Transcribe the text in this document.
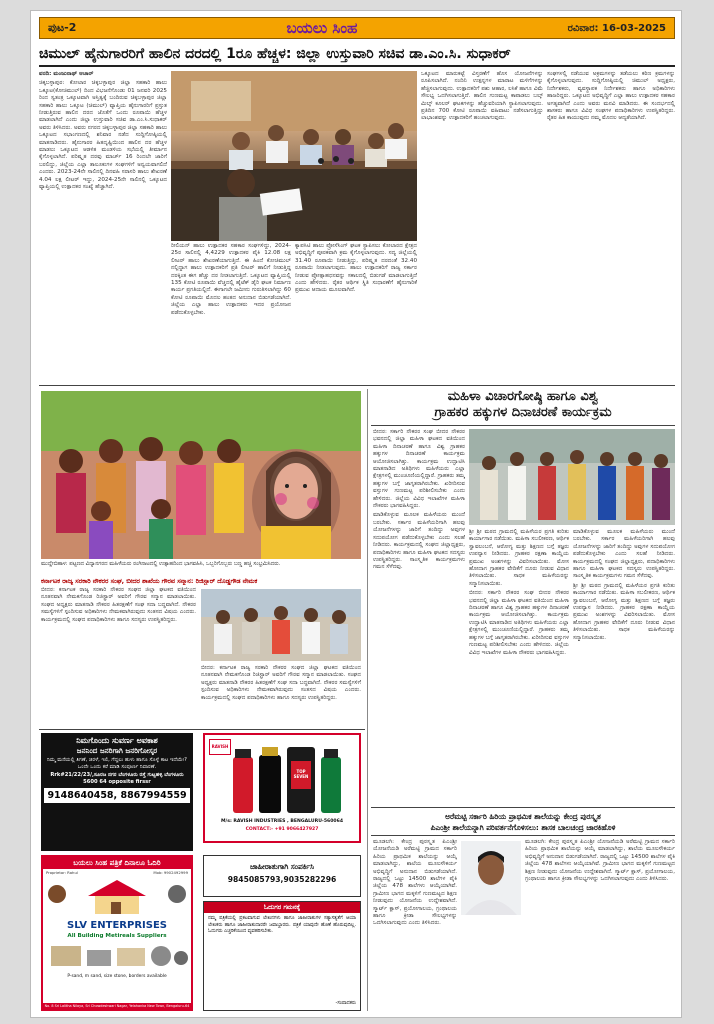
ಪುಟ-2	ಬಯಲು ಸಿಂಹ	ರವಿವಾರ: 16-03-2025
ಚಿಮುಲ್ ಹೈನುಗಾರರಿಗೆ ಹಾಲಿನ ದರದಲ್ಲಿ 1ರೂ ಹೆಚ್ಚಳ: ಜಿಲ್ಲಾ ಉಸ್ತುವಾರಿ ಸಚಿವ ಡಾ.ಎಂ.ಸಿ. ಸುಧಾಕರ್

ವರದಿ: ಮಂಜುನಾಥ್ ಆಚಾರ್

ಚಿಕ್ಕಬಳ್ಳಾಪುರ: ಕೋಲಾರ ಚಿಕ್ಕಬಳ್ಳಾಪುರ ಜಿಲ್ಲಾ ಸಹಕಾರಿ ಹಾಲು ಒಕ್ಕೂಟ(ಕೋಚಿಮುಲ್) ದಿಂದ ವಿಭಜನೆಗೊಂಡು 01 ಜನವರಿ 2025 ರಿಂದ ಸ್ವತಂತ್ರ ಒಕ್ಕೂಟವಾಗಿ ಅಸ್ತಿತ್ವಕ್ಕೆ ಬಂದಿರುವ ಚಿಕ್ಕಬಳ್ಳಾಪುರ ಜಿಲ್ಲಾ ಸಹಕಾರಿ ಹಾಲು ಒಕ್ಕೂಟ (ಚಿಮುಲ್) ವ್ಯಾಪ್ತಿಯ ಹೈನುಗಾರರಿಗೆ ಪ್ರಸ್ತುತ ನೀಡುತ್ತಿರುವ ಹಾಲಿನ ದರದ ಜೊತೆಗೆ ಒಂದು ರೂಪಾಯಿ ಹೆಚ್ಚಳ ಮಾಡಲಾಗಿದೆ ಎಂದು ಜಿಲ್ಲಾ ಉಸ್ತುವಾರಿ ಸಚಿವ ಡಾ.ಎಂ.ಸಿ.ಸುಧಾಕರ್ ಅವರು ತಿಳಿಸಿದರು. ಅವರು ನಗರದ ಚಿಕ್ಕಬಳ್ಳಾಪುರ ಜಿಲ್ಲಾ ಸಹಕಾರಿ ಹಾಲು ಒಕ್ಕೂಟದ ಸಭಾಂಗಣದಲ್ಲಿ ಶನಿವಾರ ನಡೆದ ಸುದ್ದಿಗೋಷ್ಠಿಯಲ್ಲಿ ಮಾತನಾಡಿದರು. ಹೈನುಗಾರರ ಹಿತದೃಷ್ಟಿಯಿಂದ ಹಾಲಿನ ದರ ಹೆಚ್ಚಳ ಮಾಡಲು ಒಕ್ಕೂಟದ ಆಡಳಿತ ಮಂಡಳಿಯ ಸಭೆಯಲ್ಲಿ ತೀರ್ಮಾನ ಕೈಗೊಳ್ಳಲಾಗಿದೆ. ಪರಿಷ್ಕೃತ ದರವು ಮಾರ್ಚ್ 16 ರಿಂದಲೇ ಜಾರಿಗೆ ಬರಲಿದ್ದು, ಜಿಲ್ಲೆಯ ಎಲ್ಲಾ ತಾಲೂಕುಗಳ ಸಂಘಗಳಿಗೆ ಅನ್ವಯವಾಗಲಿದೆ ಎಂದರು. 2023-24ನೇ ಸಾಲಿನಲ್ಲಿ ದಿನವಹಿ ಸರಾಸರಿ ಹಾಲು ಶೇಖರಣೆ 4.04 ಲಕ್ಷ ಲೀಟರ್ ಇದ್ದು, 2024-25ನೇ ಸಾಲಿನಲ್ಲಿ ಒಕ್ಕೂಟದ ವ್ಯಾಪ್ತಿಯಲ್ಲಿ ಉತ್ಪಾದಕರ ಸಂಖ್ಯೆ ಹೆಚ್ಚಾಗಿದೆ.

ರೀಲಿಯನ್ ಹಾಲು ಉತ್ಪಾದಕರ ಸಹಕಾರ ಸಂಘಗಳಿದ್ದು, 2024-25ರ ಸಾಲಿನಲ್ಲಿ 4,4229 ಉತ್ಪಾದಕರ ಪೈಕಿ 12.08 ಲಕ್ಷ ಲೀಟರ್ ಹಾಲು ಶೇಖರಣೆಯಾಗುತ್ತಿದೆ. ಈ ಹಿಂದೆ ಕೋಚಿಮುಲ್ ನಲ್ಲಿದ್ದಾಗ ಹಾಲು ಉತ್ಪಾದಕರಿಗೆ ಪ್ರತಿ ಲೀಟರ್ ಹಾಲಿಗೆ ನೀಡುತ್ತಿದ್ದ ದರಕ್ಕಿಂತ ಈಗ ಹೆಚ್ಚು ದರ ನೀಡಲಾಗುತ್ತಿದೆ. ಒಕ್ಕೂಟದ ವ್ಯಾಪ್ತಿಯಲ್ಲಿ 135 ಕೋಟಿ ರೂಪಾಯಿ ವೆಚ್ಚದಲ್ಲಿ ಹೈಟೆಕ್ ಡೈರಿ ಘಟಕ ನಿರ್ಮಾಣ ಕಾರ್ಯ ಪ್ರಗತಿಯಲ್ಲಿದೆ. ಈಗಾಗಲೇ ಜಮೀನು ಗುರುತಿಸಲಾಗಿದ್ದು 60 ಕೋಟಿ ರೂಪಾಯಿ ಮೊದಲ ಹಂತದ ಅನುದಾನ ಬಿಡುಗಡೆಯಾಗಿದೆ. ಜಿಲ್ಲೆಯ ಎಲ್ಲಾ ಹಾಲು ಉತ್ಪಾದಕರು ಇದರ ಪ್ರಯೋಜನ ಪಡೆದುಕೊಳ್ಳಬೇಕು.

ಕ್ಯಾಪಸಿಟಿ ಹಾಲು ಪ್ರೋಸೆಸಿಂಗ್ ಘಟಕ ಸ್ಥಾಪಿಸಲು ಕೋಲಾರದ ಕ್ಷೇತ್ರದ ಅಭಿವೃದ್ಧಿಗೆ ಪೂರಕವಾಗಿ ಕ್ರಮ ಕೈಗೊಳ್ಳಲಾಗುವುದು. ಸದ್ಯ ಜಿಲ್ಲೆಯಲ್ಲಿ 31.40 ರೂಪಾಯಿ ನೀಡುತ್ತಿದ್ದು, ಪರಿಷ್ಕೃತ ದರದಂತೆ 32.40 ರೂಪಾಯಿ ನೀಡಲಾಗುವುದು. ಹಾಲು ಉತ್ಪಾದಕರಿಗೆ ರಾಜ್ಯ ಸರ್ಕಾರ ನೀಡುವ ಪ್ರೋತ್ಸಾಹಧನವನ್ನು ಸಕಾಲದಲ್ಲಿ ಬಿಡುಗಡೆ ಮಾಡಲಾಗುತ್ತಿದೆ ಎಂದು ಹೇಳಿದರು. ರೈತರ ಆರ್ಥಿಕ ಸ್ಥಿತಿ ಸುಧಾರಣೆಗೆ ಹೈನುಗಾರಿಕೆ ಪ್ರಮುಖ ಆದಾಯ ಮೂಲವಾಗಿದೆ.

ಒಕ್ಕೂಟದ ಮಾರುಕಟ್ಟೆ ವಿಸ್ತರಣೆಗೆ ಹೊಸ ಯೋಜನೆಗಳನ್ನು ರೂಪಿಸಲಾಗಿದೆ. ನಂದಿನಿ ಉತ್ಪನ್ನಗಳ ಮಾರಾಟ ಮಳಿಗೆಗಳನ್ನು ಹೆಚ್ಚಿಸಲಾಗುವುದು. ಉತ್ಪಾದಕರಿಗೆ ಪಶು ಆಹಾರ, ಲಸಿಕೆ ಹಾಗೂ ವಿಮೆ ಸೌಲಭ್ಯ ಒದಗಿಸಲಾಗುತ್ತಿದೆ. ಹಾಲಿನ ಗುಣಮಟ್ಟ ಕಾಪಾಡಲು ಬಲ್ಕ್ ಮಿಲ್ಕ್ ಕೂಲರ್ ಘಟಕಗಳನ್ನು ಹೆಚ್ಚುವರಿಯಾಗಿ ಸ್ಥಾಪಿಸಲಾಗುವುದು. ಪ್ರತಿದಿನ 700 ಕೋಟಿ ರೂಪಾಯಿ ವಹಿವಾಟು ನಡೆಸಲಾಗುತ್ತಿದ್ದು ಲಾಭಾಂಶವನ್ನು ಉತ್ಪಾದಕರಿಗೆ ಹಂಚಲಾಗುವುದು.

ಸಂಘಗಳಲ್ಲಿ ನಡೆಯುವ ಅಕ್ರಮಗಳನ್ನು ತಡೆಯಲು ಕಠಿಣ ಕ್ರಮಗಳನ್ನು ಕೈಗೊಳ್ಳಲಾಗುವುದು. ಸುದ್ದಿಗೋಷ್ಠಿಯಲ್ಲಿ ಚಿಮುಲ್ ಅಧ್ಯಕ್ಷರು, ನಿರ್ದೇಶಕರು, ವ್ಯವಸ್ಥಾಪಕ ನಿರ್ದೇಶಕರು ಹಾಗೂ ಅಧಿಕಾರಿಗಳು ಹಾಜರಿದ್ದರು. ಒಕ್ಕೂಟದ ಅಭಿವೃದ್ಧಿಗೆ ಎಲ್ಲಾ ಹಾಲು ಉತ್ಪಾದಕರ ಸಹಕಾರ ಅಗತ್ಯವಾಗಿದೆ ಎಂದು ಅವರು ಮನವಿ ಮಾಡಿದರು. ಈ ಸಂದರ್ಭದಲ್ಲಿ ಶಾಸಕರು ಹಾಗೂ ವಿವಿಧ ಸಂಘಗಳ ಪದಾಧಿಕಾರಿಗಳು ಉಪಸ್ಥಿತರಿದ್ದರು. ರೈತರ ಹಿತ ಕಾಯುವುದು ನಮ್ಮ ಮೊದಲ ಆದ್ಯತೆಯಾಗಿದೆ.

ಮುದ್ದೇಬಿಹಾಳ: ಪಟ್ಟಣದ ವಿದ್ಯಾನಗರದ ಮಹಿಳೆಯರು ರಂಗಿನಾಟದಲ್ಲಿ ಉತ್ಸಾಹದಿಂದ ಭಾಗವಹಿಸಿ, ಒಬ್ಬರಿಗೊಬ್ಬರು ಬಣ್ಣ ಹಚ್ಚಿ ಸಂಭ್ರಮಿಸಿದರು.
ಕರ್ನಾಟಕ ರಾಜ್ಯ ಸರಕಾರಿ ನೌಕರರ ಸಂಘ, ಬೀದರ ಶಾಖೆಯ ಗೌರವ ಸನ್ಮಾನ: ರಿಜಿಸ್ಟ್ರಾರ್ ದೊಡ್ಡಗೌಡ ನೇಮಕ

ಬೀದರ: ಕರ್ನಾಟಕ ರಾಜ್ಯ ಸರಕಾರಿ ನೌಕರರ ಸಂಘದ ಜಿಲ್ಲಾ ಘಟಕದ ವತಿಯಿಂದ ನೂತನವಾಗಿ ನೇಮಕಗೊಂಡ ರಿಜಿಸ್ಟ್ರಾರ್ ಅವರಿಗೆ ಗೌರವ ಸನ್ಮಾನ ಮಾಡಲಾಯಿತು. ಸಂಘದ ಅಧ್ಯಕ್ಷರು ಮಾತನಾಡಿ ನೌಕರರ ಹಿತರಕ್ಷಣೆಗೆ ಸಂಘ ಸದಾ ಬದ್ಧವಾಗಿದೆ. ನೌಕರರ ಸಮಸ್ಯೆಗಳಿಗೆ ಸ್ಪಂದಿಸುವ ಅಧಿಕಾರಿಗಳು ನೇಮಕವಾಗಿರುವುದು ಸಂತಸದ ವಿಷಯ ಎಂದರು. ಕಾರ್ಯಕ್ರಮದಲ್ಲಿ ಸಂಘದ ಪದಾಧಿಕಾರಿಗಳು ಹಾಗೂ ಸದಸ್ಯರು ಉಪಸ್ಥಿತರಿದ್ದರು.

ಬೀದರ: ಕರ್ನಾಟಕ ರಾಜ್ಯ ಸರಕಾರಿ ನೌಕರರ ಸಂಘದ ಜಿಲ್ಲಾ ಘಟಕದ ವತಿಯಿಂದ ನೂತನವಾಗಿ ನೇಮಕಗೊಂಡ ರಿಜಿಸ್ಟ್ರಾರ್ ಅವರಿಗೆ ಗೌರವ ಸನ್ಮಾನ ಮಾಡಲಾಯಿತು. ಸಂಘದ ಅಧ್ಯಕ್ಷರು ಮಾತನಾಡಿ ನೌಕರರ ಹಿತರಕ್ಷಣೆಗೆ ಸಂಘ ಸದಾ ಬದ್ಧವಾಗಿದೆ. ನೌಕರರ ಸಮಸ್ಯೆಗಳಿಗೆ ಸ್ಪಂದಿಸುವ ಅಧಿಕಾರಿಗಳು ನೇಮಕವಾಗಿರುವುದು ಸಂತಸದ ವಿಷಯ ಎಂದರು. ಕಾರ್ಯಕ್ರಮದಲ್ಲಿ ಸಂಘದ ಪದಾಧಿಕಾರಿಗಳು ಹಾಗೂ ಸದಸ್ಯರು ಉಪಸ್ಥಿತರಿದ್ದರು.

ನಿಮಗೊಂದು ಸುವರ್ಣ ಅವಕಾಶ
ಜನನಿಂದ ಜನರಿಗಾಗಿ ಜನರಿಗೋಸ್ಕರ
ನಿಮ್ಮ ಮನೆಯಲ್ಲಿ ತಿಗಣೆ, ಜಿರಳೆ, ಇಲಿ, ಗೆದ್ದಲು ಹುಳು ಹಾಗೂ ಸೊಳ್ಳೆ ಕಾಟ ಇದೆಯೇ? ಒಂದೇ ಒಂದು ಕರೆ ಮಾಡಿ ಸಂಪೂರ್ಣ ನಿವಾರಣೆ.
Rrk#21/22/23/,ಸೂರಜ ನಗರ ಬೆಂಗಳೂರು ರಸ್ತೆ ಗುಟ್ಟಹಳ್ಳಿ ಬೆಂಗಳೂರು 5600 64 opposite firssr
9148640458, 8867994559
RAVISH
TOP SEVEN
M/s: RAVISH INDUSTRIES , BENGALURU-560064
CONTACT:- +91 9066427927
ಬಯಲು ಸಿಂಹ ಪತ್ರಿಕೆ ದಿನಾಲೂ ಓದಿರಿ
Proprietor: Rahul	Mob: 9902492999
ॐ
SLV ENTERPRISES
All Building Metireals Suppliers
P-sand, m sand, size stone, borders available
No. 8 Sri Lalitha Nilaya, Sri Chowdeshwari Nagar, Yelahanka New Town, Bengaluru-64
ಜಾಹೀರಾತುಗಾಗಿ ಸಂಪರ್ಕಿಸಿ
9845085793,9035282296
ಓದುಗರ ಗಮನಕ್ಕೆ
ನಮ್ಮ ಪತ್ರಿಕೆಯಲ್ಲಿ ಪ್ರಕಟವಾಗುವ ಲೇಖನಗಳು ಹಾಗೂ ಜಾಹೀರಾತುಗಳ ಸತ್ಯಾಸತ್ಯತೆಗೆ ಆಯಾ ಲೇಖಕರು ಹಾಗೂ ಜಾಹೀರಾತುದಾರರೇ ಜವಾಬ್ದಾರರು. ಪತ್ರಿಕೆ ಯಾವುದೇ ಹೊಣೆ ಹೊರುವುದಿಲ್ಲ. ಓದುಗರು ಎಚ್ಚರಿಕೆಯಿಂದ ವ್ಯವಹರಿಸಬೇಕು.
-ಸಂಪಾದಕರು
ಮಹಿಳಾ ವಿಚಾರಗೋಷ್ಠಿ ಹಾಗೂ ವಿಶ್ವ
ಗ್ರಾಹಕರ ಹಕ್ಕುಗಳ ದಿನಾಚರಣೆ ಕಾರ್ಯಕ್ರಮ

ಬೀದರ: ಸರ್ಕಾರಿ ನೌಕರರ ಸಂಘ ಬೀದರ ನೌಕರರ ಭವನದಲ್ಲಿ ಜಿಲ್ಲಾ ಮಹಿಳಾ ಘಟಕದ ವತಿಯಿಂದ ಮಹಿಳಾ ದಿನಾಚರಣೆ ಹಾಗೂ ವಿಶ್ವ ಗ್ರಾಹಕರ ಹಕ್ಕುಗಳ ದಿನಾಚರಣೆ ಕಾರ್ಯಕ್ರಮ ಆಯೋಜಿಸಲಾಗಿತ್ತು. ಕಾರ್ಯಕ್ರಮ ಉದ್ಘಾಟಿಸಿ ಮಾತನಾಡಿದ ಅತಿಥಿಗಳು ಮಹಿಳೆಯರು ಎಲ್ಲಾ ಕ್ಷೇತ್ರಗಳಲ್ಲಿ ಮುಂಚೂಣಿಯಲ್ಲಿದ್ದಾರೆ. ಗ್ರಾಹಕರು ತಮ್ಮ ಹಕ್ಕುಗಳ ಬಗ್ಗೆ ಜಾಗೃತರಾಗಿರಬೇಕು. ಖರೀದಿಸುವ ವಸ್ತುಗಳ ಗುಣಮಟ್ಟ ಪರಿಶೀಲಿಸಬೇಕು ಎಂದು ಹೇಳಿದರು. ಜಿಲ್ಲೆಯ ವಿವಿಧ ಇಲಾಖೆಗಳ ಮಹಿಳಾ ನೌಕರರು ಭಾಗವಹಿಸಿದ್ದರು.

ಮಾಡಿಕೊಳ್ಳುವ ಮೂಲಕ ಮಹಿಳೆಯರು ಮುಂದೆ ಬರಬೇಕು. ಸರ್ಕಾರ ಮಹಿಳೆಯರಿಗಾಗಿ ಹಲವು ಯೋಜನೆಗಳನ್ನು ಜಾರಿಗೆ ತಂದಿದ್ದು ಅವುಗಳ ಸದುಪಯೋಗ ಪಡೆದುಕೊಳ್ಳಬೇಕು ಎಂದು ಸಲಹೆ ನೀಡಿದರು. ಕಾರ್ಯಕ್ರಮದಲ್ಲಿ ಸಂಘದ ಜಿಲ್ಲಾಧ್ಯಕ್ಷರು, ಪದಾಧಿಕಾರಿಗಳು ಹಾಗೂ ಮಹಿಳಾ ಘಟಕದ ಸದಸ್ಯರು ಉಪಸ್ಥಿತರಿದ್ದರು. ಸಾಂಸ್ಕೃತಿಕ ಕಾರ್ಯಕ್ರಮಗಳು ಗಮನ ಸೆಳೆದವು.

ಶ್ರೀ ಶ್ರೀ ಮಠದ ಗ್ರಾಮದಲ್ಲಿ ಮಹಿಳೆಯರ ಪ್ರಗತಿ ಕುರಿತು ಕಾರ್ಯಾಗಾರ ನಡೆಯಿತು. ಮಹಿಳಾ ಸಬಲೀಕರಣ, ಆರ್ಥಿಕ ಸ್ವಾವಲಂಬನೆ, ಆರೋಗ್ಯ ಮತ್ತು ಶಿಕ್ಷಣದ ಬಗ್ಗೆ ತಜ್ಞರು ಉಪನ್ಯಾಸ ನೀಡಿದರು. ಗ್ರಾಹಕರ ರಕ್ಷಣಾ ಕಾಯ್ದೆಯ ಪ್ರಮುಖ ಅಂಶಗಳನ್ನು ವಿವರಿಸಲಾಯಿತು. ಮೋಸ ಹೋದಾಗ ಗ್ರಾಹಕರ ವೇದಿಕೆಗೆ ದೂರು ನೀಡುವ ವಿಧಾನ ತಿಳಿಸಲಾಯಿತು. ಸಾಧಕ ಮಹಿಳೆಯರನ್ನು ಸನ್ಮಾನಿಸಲಾಯಿತು.

ಬೀದರ: ಸರ್ಕಾರಿ ನೌಕರರ ಸಂಘ ಬೀದರ ನೌಕರರ ಭವನದಲ್ಲಿ ಜಿಲ್ಲಾ ಮಹಿಳಾ ಘಟಕದ ವತಿಯಿಂದ ಮಹಿಳಾ ದಿನಾಚರಣೆ ಹಾಗೂ ವಿಶ್ವ ಗ್ರಾಹಕರ ಹಕ್ಕುಗಳ ದಿನಾಚರಣೆ ಕಾರ್ಯಕ್ರಮ ಆಯೋಜಿಸಲಾಗಿತ್ತು. ಕಾರ್ಯಕ್ರಮ ಉದ್ಘಾಟಿಸಿ ಮಾತನಾಡಿದ ಅತಿಥಿಗಳು ಮಹಿಳೆಯರು ಎಲ್ಲಾ ಕ್ಷೇತ್ರಗಳಲ್ಲಿ ಮುಂಚೂಣಿಯಲ್ಲಿದ್ದಾರೆ. ಗ್ರಾಹಕರು ತಮ್ಮ ಹಕ್ಕುಗಳ ಬಗ್ಗೆ ಜಾಗೃತರಾಗಿರಬೇಕು. ಖರೀದಿಸುವ ವಸ್ತುಗಳ ಗುಣಮಟ್ಟ ಪರಿಶೀಲಿಸಬೇಕು ಎಂದು ಹೇಳಿದರು. ಜಿಲ್ಲೆಯ ವಿವಿಧ ಇಲಾಖೆಗಳ ಮಹಿಳಾ ನೌಕರರು ಭಾಗವಹಿಸಿದ್ದರು.

ಮಾಡಿಕೊಳ್ಳುವ ಮೂಲಕ ಮಹಿಳೆಯರು ಮುಂದೆ ಬರಬೇಕು. ಸರ್ಕಾರ ಮಹಿಳೆಯರಿಗಾಗಿ ಹಲವು ಯೋಜನೆಗಳನ್ನು ಜಾರಿಗೆ ತಂದಿದ್ದು ಅವುಗಳ ಸದುಪಯೋಗ ಪಡೆದುಕೊಳ್ಳಬೇಕು ಎಂದು ಸಲಹೆ ನೀಡಿದರು. ಕಾರ್ಯಕ್ರಮದಲ್ಲಿ ಸಂಘದ ಜಿಲ್ಲಾಧ್ಯಕ್ಷರು, ಪದಾಧಿಕಾರಿಗಳು ಹಾಗೂ ಮಹಿಳಾ ಘಟಕದ ಸದಸ್ಯರು ಉಪಸ್ಥಿತರಿದ್ದರು. ಸಾಂಸ್ಕೃತಿಕ ಕಾರ್ಯಕ್ರಮಗಳು ಗಮನ ಸೆಳೆದವು.

ಶ್ರೀ ಶ್ರೀ ಮಠದ ಗ್ರಾಮದಲ್ಲಿ ಮಹಿಳೆಯರ ಪ್ರಗತಿ ಕುರಿತು ಕಾರ್ಯಾಗಾರ ನಡೆಯಿತು. ಮಹಿಳಾ ಸಬಲೀಕರಣ, ಆರ್ಥಿಕ ಸ್ವಾವಲಂಬನೆ, ಆರೋಗ್ಯ ಮತ್ತು ಶಿಕ್ಷಣದ ಬಗ್ಗೆ ತಜ್ಞರು ಉಪನ್ಯಾಸ ನೀಡಿದರು. ಗ್ರಾಹಕರ ರಕ್ಷಣಾ ಕಾಯ್ದೆಯ ಪ್ರಮುಖ ಅಂಶಗಳನ್ನು ವಿವರಿಸಲಾಯಿತು. ಮೋಸ ಹೋದಾಗ ಗ್ರಾಹಕರ ವೇದಿಕೆಗೆ ದೂರು ನೀಡುವ ವಿಧಾನ ತಿಳಿಸಲಾಯಿತು. ಸಾಧಕ ಮಹಿಳೆಯರನ್ನು ಸನ್ಮಾನಿಸಲಾಯಿತು.

ಅರೆಮಟ್ಟಿ ಸರ್ಕಾರಿ ಹಿರಿಯ ಪ್ರಾಥಮಿಕ ಶಾಲೆಯನ್ನು ಕೇಂದ್ರ ಪುರಸ್ಕೃತ
ಪಿಎಂಶ್ರೀ ಶಾಲೆಯನ್ನಾಗಿ ಪರಿವರ್ತನೆಗೊಳಿಸಲು: ಶಾಸಕ ಬಾಲಚಂದ್ರ ಜಾರಕಿಹೊಳಿ

ಮೂಡಲಗಿ: ಕೇಂದ್ರ ಪುರಸ್ಕೃತ ಪಿಎಂಶ್ರೀ ಯೋಜನೆಯಡಿ ಅರೆಮಟ್ಟಿ ಗ್ರಾಮದ ಸರ್ಕಾರಿ ಹಿರಿಯ ಪ್ರಾಥಮಿಕ ಶಾಲೆಯನ್ನು ಆಯ್ಕೆ ಮಾಡಲಾಗಿದ್ದು, ಶಾಲೆಯ ಮೂಲಸೌಕರ್ಯ ಅಭಿವೃದ್ಧಿಗೆ ಅನುದಾನ ಬಿಡುಗಡೆಯಾಗಿದೆ. ರಾಜ್ಯದಲ್ಲಿ ಒಟ್ಟು 14500 ಶಾಲೆಗಳ ಪೈಕಿ ಜಿಲ್ಲೆಯ 478 ಶಾಲೆಗಳು ಆಯ್ಕೆಯಾಗಿವೆ. ಗ್ರಾಮೀಣ ಭಾಗದ ಮಕ್ಕಳಿಗೆ ಗುಣಮಟ್ಟದ ಶಿಕ್ಷಣ ನೀಡುವುದು ಯೋಜನೆಯ ಉದ್ದೇಶವಾಗಿದೆ. ಸ್ಮಾರ್ಟ್ ಕ್ಲಾಸ್, ಪ್ರಯೋಗಾಲಯ, ಗ್ರಂಥಾಲಯ ಹಾಗೂ ಕ್ರೀಡಾ ಸೌಲಭ್ಯಗಳನ್ನು ಒದಗಿಸಲಾಗುವುದು ಎಂದು ತಿಳಿಸಿದರು.

ಮೂಡಲಗಿ: ಕೇಂದ್ರ ಪುರಸ್ಕೃತ ಪಿಎಂಶ್ರೀ ಯೋಜನೆಯಡಿ ಅರೆಮಟ್ಟಿ ಗ್ರಾಮದ ಸರ್ಕಾರಿ ಹಿರಿಯ ಪ್ರಾಥಮಿಕ ಶಾಲೆಯನ್ನು ಆಯ್ಕೆ ಮಾಡಲಾಗಿದ್ದು, ಶಾಲೆಯ ಮೂಲಸೌಕರ್ಯ ಅಭಿವೃದ್ಧಿಗೆ ಅನುದಾನ ಬಿಡುಗಡೆಯಾಗಿದೆ. ರಾಜ್ಯದಲ್ಲಿ ಒಟ್ಟು 14500 ಶಾಲೆಗಳ ಪೈಕಿ ಜಿಲ್ಲೆಯ 478 ಶಾಲೆಗಳು ಆಯ್ಕೆಯಾಗಿವೆ. ಗ್ರಾಮೀಣ ಭಾಗದ ಮಕ್ಕಳಿಗೆ ಗುಣಮಟ್ಟದ ಶಿಕ್ಷಣ ನೀಡುವುದು ಯೋಜನೆಯ ಉದ್ದೇಶವಾಗಿದೆ. ಸ್ಮಾರ್ಟ್ ಕ್ಲಾಸ್, ಪ್ರಯೋಗಾಲಯ, ಗ್ರಂಥಾಲಯ ಹಾಗೂ ಕ್ರೀಡಾ ಸೌಲಭ್ಯಗಳನ್ನು ಒದಗಿಸಲಾಗುವುದು ಎಂದು ತಿಳಿಸಿದರು.
